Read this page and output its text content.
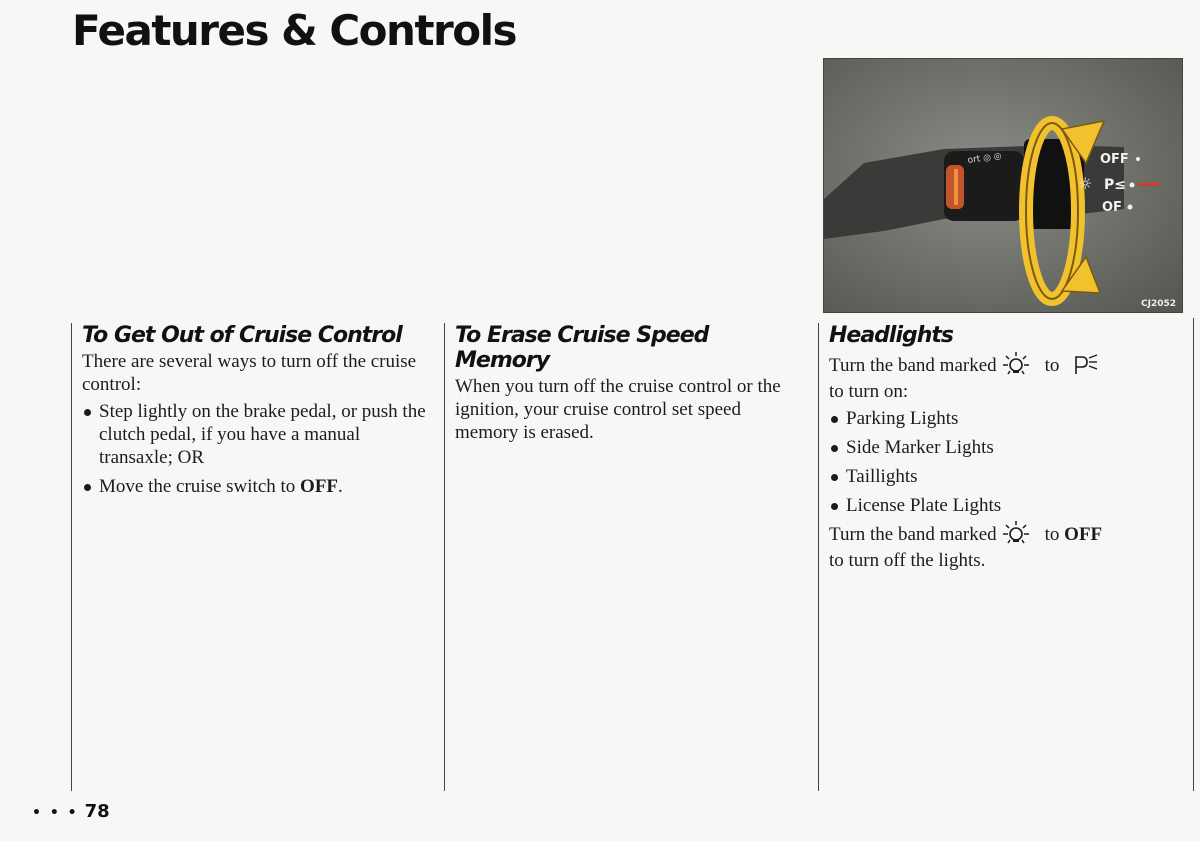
Features & Controls
ort ◎ ◎	OFF
☼ P≤
OF
CJ2052
To Get Out of Cruise Control

There are several ways to turn off the cruise control:

Step lightly on the brake pedal, or push the clutch pedal, if you have a manual transaxle; OR
Move the cruise switch to OFF.
To Erase Cruise Speed Memory

When you turn off the cruise control or the ignition, your cruise control set speed memory is erased.

Headlights

Turn the band marked	to

to turn on:

Parking Lights
Side Marker Lights
Taillights
License Plate Lights

Turn the band marked	to
OFF

to turn off the lights.

• • • 78
